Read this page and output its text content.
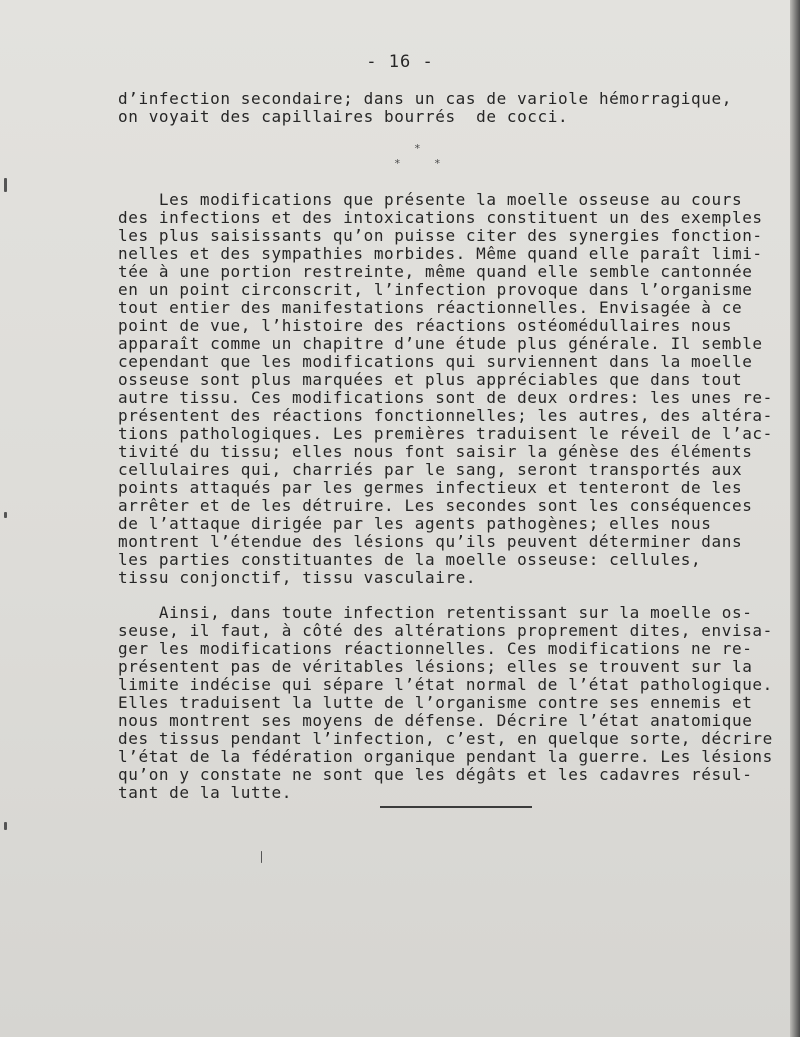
- 16 -
d’infection secondaire; dans un cas de variole hémorragique,
on voyait des capillaires bourrés  de cocci.
*
*	*
Les modifications que présente la moelle osseuse au cours
des infections et des intoxications constituent un des exemples
les plus saisissants qu’on puisse citer des synergies fonction-
nelles et des sympathies morbides. Même quand elle paraît limi-
tée à une portion restreinte, même quand elle semble cantonnée
en un point circonscrit, l’infection provoque dans l’organisme
tout entier des manifestations réactionnelles. Envisagée à ce
point de vue, l’histoire des réactions ostéomédullaires nous
apparaît comme un chapitre d’une étude plus générale. Il semble
cependant que les modifications qui surviennent dans la moelle
osseuse sont plus marquées et plus appréciables que dans tout
autre tissu. Ces modifications sont de deux ordres: les unes re-
présentent des réactions fonctionnelles; les autres, des altéra-
tions pathologiques. Les premières traduisent le réveil de l’ac-
tivité du tissu; elles nous font saisir la génèse des éléments
cellulaires qui, charriés par le sang, seront transportés aux
points attaqués par les germes infectieux et tenteront de les
arrêter et de les détruire. Les secondes sont les conséquences
de l’attaque dirigée par les agents pathogènes; elles nous
montrent l’étendue des lésions qu’ils peuvent déterminer dans
les parties constituantes de la moelle osseuse: cellules,
tissu conjonctif, tissu vasculaire.
Ainsi, dans toute infection retentissant sur la moelle os-
seuse, il faut, à côté des altérations proprement dites, envisa-
ger les modifications réactionnelles. Ces modifications ne re-
présentent pas de véritables lésions; elles se trouvent sur la
limite indécise qui sépare l’état normal de l’état pathologique.
Elles traduisent la lutte de l’organisme contre ses ennemis et
nous montrent ses moyens de défense. Décrire l’état anatomique
des tissus pendant l’infection, c’est, en quelque sorte, décrire
l’état de la fédération organique pendant la guerre. Les lésions
qu’on y constate ne sont que les dégâts et les cadavres résul-
tant de la lutte.
